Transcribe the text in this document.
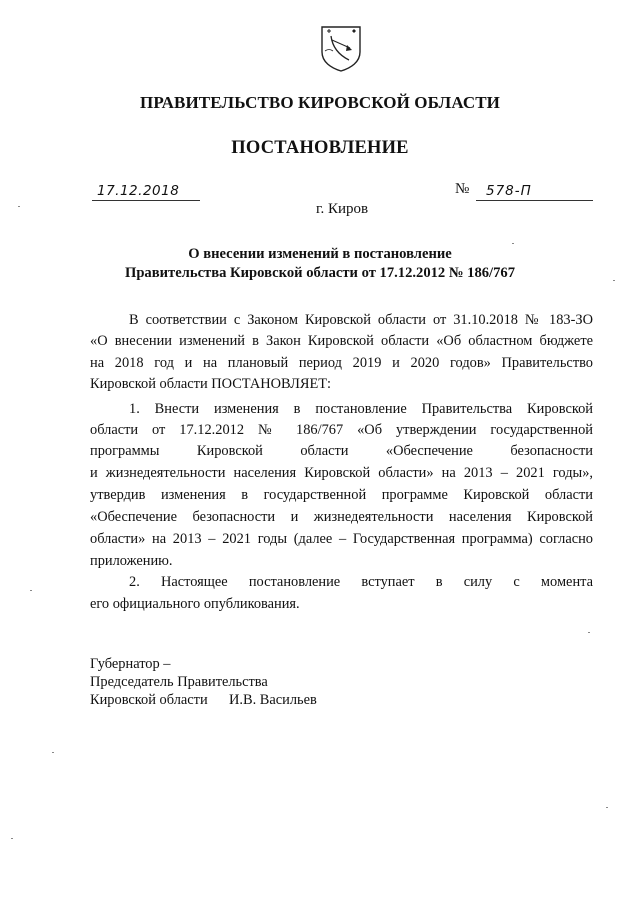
ПРАВИТЕЛЬСТВО КИРОВСКОЙ ОБЛАСТИ
ПОСТАНОВЛЕНИЕ
17.12.2018	№ 578-П
г. Киров
О внесении изменений в постановление
Правительства Кировской области от 17.12.2012 № 186/767
В соответствии с Законом Кировской области от 31.10.2018 № 183-ЗО
«О внесении изменений в Закон Кировской области «Об областном бюджете
на 2018 год и на плановый период 2019 и 2020 годов» Правительство
Кировской области ПОСТАНОВЛЯЕТ:
1. Внести изменения в постановление Правительства Кировской
области от 17.12.2012 № 186/767 «Об утверждении государственной
программы Кировской области «Обеспечение безопасности
и жизнедеятельности населения Кировской области» на 2013 – 2021 годы»,
утвердив изменения в государственной программе Кировской области
«Обеспечение безопасности и жизнедеятельности населения Кировской
области» на 2013 – 2021 годы (далее – Государственная программа) согласно
приложению.
2. Настоящее постановление вступает в силу с момента
его официального опубликования.
Губернатор –
Председатель Правительства
Кировской области И.В. Васильев
